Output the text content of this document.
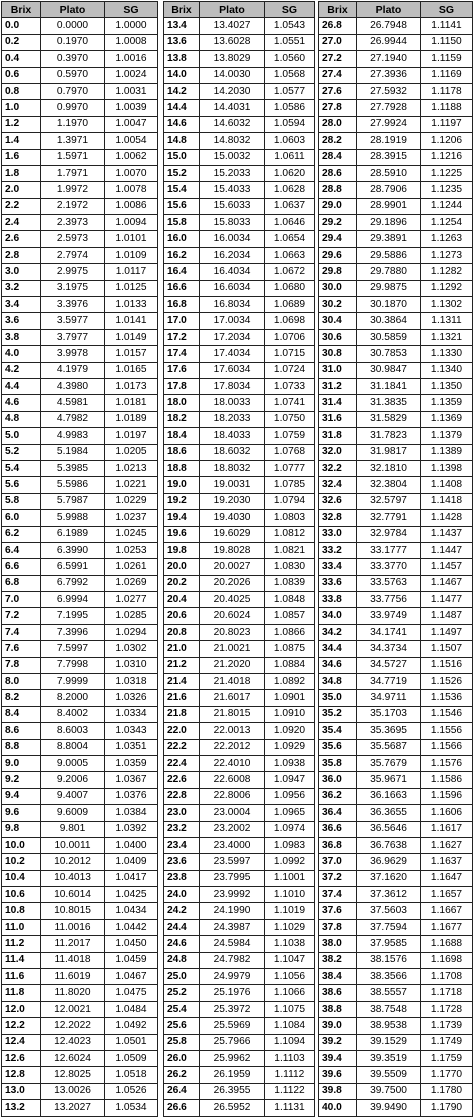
Brix	Plato	SG
0.0	0.0000	1.0000
0.2	0.1970	1.0008
0.4	0.3970	1.0016
0.6	0.5970	1.0024
0.8	0.7970	1.0031
1.0	0.9970	1.0039
1.2	1.1970	1.0047
1.4	1.3971	1.0054
1.6	1.5971	1.0062
1.8	1.7971	1.0070
2.0	1.9972	1.0078
2.2	2.1972	1.0086
2.4	2.3973	1.0094
2.6	2.5973	1.0101
2.8	2.7974	1.0109
3.0	2.9975	1.0117
3.2	3.1975	1.0125
3.4	3.3976	1.0133
3.6	3.5977	1.0141
3.8	3.7977	1.0149
4.0	3.9978	1.0157
4.2	4.1979	1.0165
4.4	4.3980	1.0173
4.6	4.5981	1.0181
4.8	4.7982	1.0189
5.0	4.9983	1.0197
5.2	5.1984	1.0205
5.4	5.3985	1.0213
5.6	5.5986	1.0221
5.8	5.7987	1.0229
6.0	5.9988	1.0237
6.2	6.1989	1.0245
6.4	6.3990	1.0253
6.6	6.5991	1.0261
6.8	6.7992	1.0269
7.0	6.9994	1.0277
7.2	7.1995	1.0285
7.4	7.3996	1.0294
7.6	7.5997	1.0302
7.8	7.7998	1.0310
8.0	7.9999	1.0318
8.2	8.2000	1.0326
8.4	8.4002	1.0334
8.6	8.6003	1.0343
8.8	8.8004	1.0351
9.0	9.0005	1.0359
9.2	9.2006	1.0367
9.4	9.4007	1.0376
9.6	9.6009	1.0384
9.8	9.801	1.0392
10.0	10.0011	1.0400
10.2	10.2012	1.0409
10.4	10.4013	1.0417
10.6	10.6014	1.0425
10.8	10.8015	1.0434
11.0	11.0016	1.0442
11.2	11.2017	1.0450
11.4	11.4018	1.0459
11.6	11.6019	1.0467
11.8	11.8020	1.0475
12.0	12.0021	1.0484
12.2	12.2022	1.0492
12.4	12.4023	1.0501
12.6	12.6024	1.0509
12.8	12.8025	1.0518
13.0	13.0026	1.0526
13.2	13.2027	1.0534
Brix	Plato	SG
13.4	13.4027	1.0543
13.6	13.6028	1.0551
13.8	13.8029	1.0560
14.0	14.0030	1.0568
14.2	14.2030	1.0577
14.4	14.4031	1.0586
14.6	14.6032	1.0594
14.8	14.8032	1.0603
15.0	15.0032	1.0611
15.2	15.2033	1.0620
15.4	15.4033	1.0628
15.6	15.6033	1.0637
15.8	15.8033	1.0646
16.0	16.0034	1.0654
16.2	16.2034	1.0663
16.4	16.4034	1.0672
16.6	16.6034	1.0680
16.8	16.8034	1.0689
17.0	17.0034	1.0698
17.2	17.2034	1.0706
17.4	17.4034	1.0715
17.6	17.6034	1.0724
17.8	17.8034	1.0733
18.0	18.0033	1.0741
18.2	18.2033	1.0750
18.4	18.4033	1.0759
18.6	18.6032	1.0768
18.8	18.8032	1.0777
19.0	19.0031	1.0785
19.2	19.2030	1.0794
19.4	19.4030	1.0803
19.6	19.6029	1.0812
19.8	19.8028	1.0821
20.0	20.0027	1.0830
20.2	20.2026	1.0839
20.4	20.4025	1.0848
20.6	20.6024	1.0857
20.8	20.8023	1.0866
21.0	21.0021	1.0875
21.2	21.2020	1.0884
21.4	21.4018	1.0892
21.6	21.6017	1.0901
21.8	21.8015	1.0910
22.0	22.0013	1.0920
22.2	22.2012	1.0929
22.4	22.4010	1.0938
22.6	22.6008	1.0947
22.8	22.8006	1.0956
23.0	23.0004	1.0965
23.2	23.2002	1.0974
23.4	23.4000	1.0983
23.6	23.5997	1.0992
23.8	23.7995	1.1001
24.0	23.9992	1.1010
24.2	24.1990	1.1019
24.4	24.3987	1.1029
24.6	24.5984	1.1038
24.8	24.7982	1.1047
25.0	24.9979	1.1056
25.2	25.1976	1.1066
25.4	25.3972	1.1075
25.6	25.5969	1.1084
25.8	25.7966	1.1094
26.0	25.9962	1.1103
26.2	26.1959	1.1112
26.4	26.3955	1.1122
26.6	26.5952	1.1131
Brix	Plato	SG
26.8	26.7948	1.1141
27.0	26.9944	1.1150
27.2	27.1940	1.1159
27.4	27.3936	1.1169
27.6	27.5932	1.1178
27.8	27.7928	1.1188
28.0	27.9924	1.1197
28.2	28.1919	1.1206
28.4	28.3915	1.1216
28.6	28.5910	1.1225
28.8	28.7906	1.1235
29.0	28.9901	1.1244
29.2	29.1896	1.1254
29.4	29.3891	1.1263
29.6	29.5886	1.1273
29.8	29.7880	1.1282
30.0	29.9875	1.1292
30.2	30.1870	1.1302
30.4	30.3864	1.1311
30.6	30.5859	1.1321
30.8	30.7853	1.1330
31.0	30.9847	1.1340
31.2	31.1841	1.1350
31.4	31.3835	1.1359
31.6	31.5829	1.1369
31.8	31.7823	1.1379
32.0	31.9817	1.1389
32.2	32.1810	1.1398
32.4	32.3804	1.1408
32.6	32.5797	1.1418
32.8	32.7791	1.1428
33.0	32.9784	1.1437
33.2	33.1777	1.1447
33.4	33.3770	1.1457
33.6	33.5763	1.1467
33.8	33.7756	1.1477
34.0	33.9749	1.1487
34.2	34.1741	1.1497
34.4	34.3734	1.1507
34.6	34.5727	1.1516
34.8	34.7719	1.1526
35.0	34.9711	1.1536
35.2	35.1703	1.1546
35.4	35.3695	1.1556
35.6	35.5687	1.1566
35.8	35.7679	1.1576
36.0	35.9671	1.1586
36.2	36.1663	1.1596
36.4	36.3655	1.1606
36.6	36.5646	1.1617
36.8	36.7638	1.1627
37.0	36.9629	1.1637
37.2	37.1620	1.1647
37.4	37.3612	1.1657
37.6	37.5603	1.1667
37.8	37.7594	1.1677
38.0	37.9585	1.1688
38.2	38.1576	1.1698
38.4	38.3566	1.1708
38.6	38.5557	1.1718
38.8	38.7548	1.1728
39.0	38.9538	1.1739
39.2	39.1529	1.1749
39.4	39.3519	1.1759
39.6	39.5509	1.1770
39.8	39.7500	1.1780
40.0	39.9490	1.1790
